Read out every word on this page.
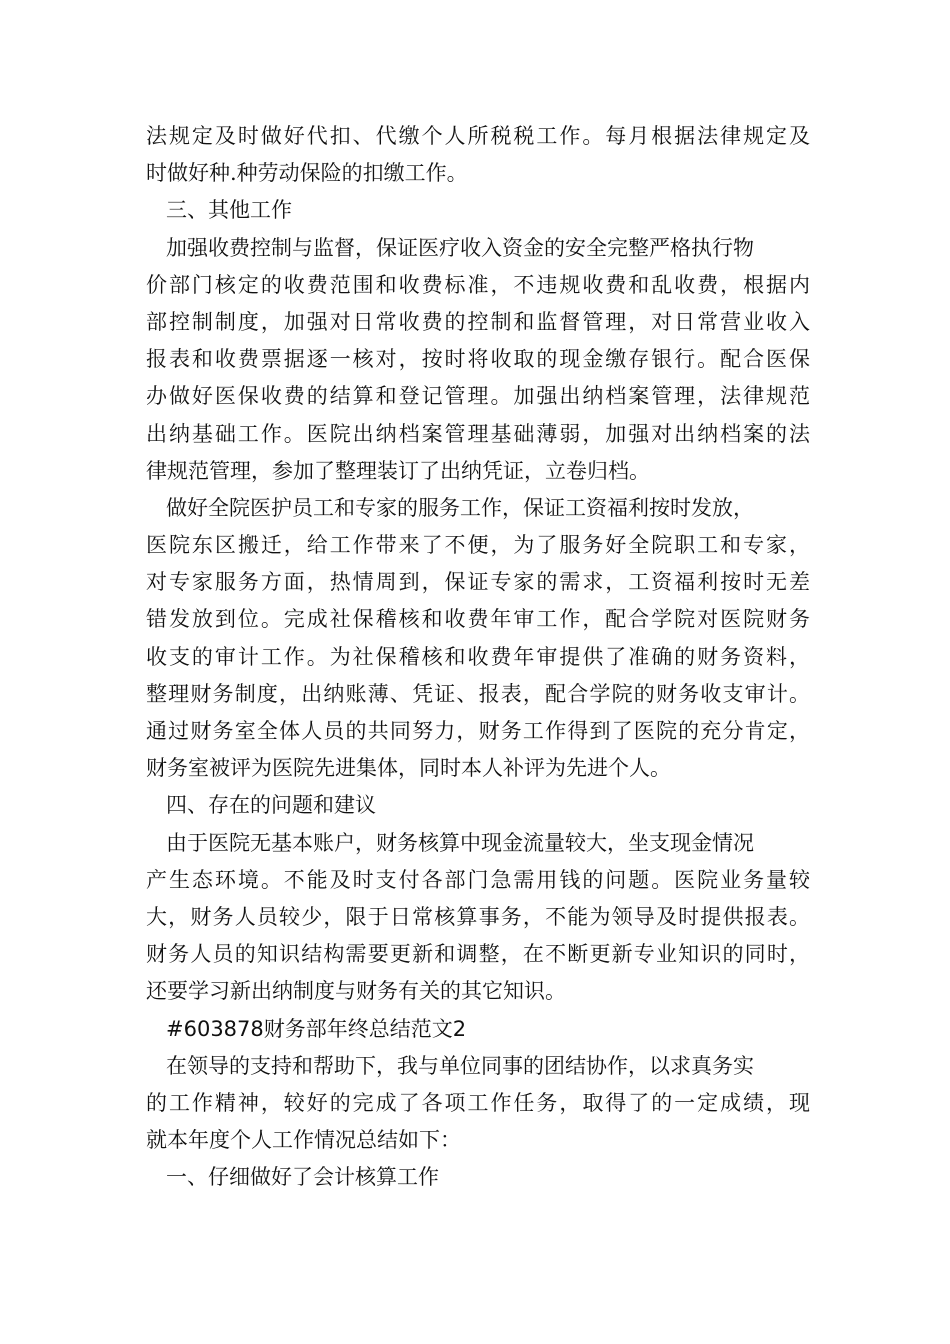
法规定及时做好代扣、代缴个人所税税工作。每月根据法律规定及
时做好种.种劳动保险的扣缴工作。
三、其他工作
加强收费控制与监督，保证医疗收入资金的安全完整严格执行物
价部门核定的收费范围和收费标准，不违规收费和乱收费，根据内
部控制制度，加强对日常收费的控制和监督管理，对日常营业收入
报表和收费票据逐一核对，按时将收取的现金缴存银行。配合医保
办做好医保收费的结算和登记管理。加强出纳档案管理，法律规范
出纳基础工作。医院出纳档案管理基础薄弱，加强对出纳档案的法
律规范管理，参加了整理装订了出纳凭证，立卷归档。
做好全院医护员工和专家的服务工作，保证工资福利按时发放，
医院东区搬迁，给工作带来了不便，为了服务好全院职工和专家，
对专家服务方面，热情周到，保证专家的需求，工资福利按时无差
错发放到位。完成社保稽核和收费年审工作，配合学院对医院财务
收支的审计工作。为社保稽核和收费年审提供了准确的财务资料，
整理财务制度，出纳账薄、凭证、报表，配合学院的财务收支审计。
通过财务室全体人员的共同努力，财务工作得到了医院的充分肯定，
财务室被评为医院先进集体，同时本人补评为先进个人。
四、存在的问题和建议
由于医院无基本账户，财务核算中现金流量较大，坐支现金情况
产生态环境。不能及时支付各部门急需用钱的问题。医院业务量较
大，财务人员较少，限于日常核算事务，不能为领导及时提供报表。
财务人员的知识结构需要更新和调整，在不断更新专业知识的同时，
还要学习新出纳制度与财务有关的其它知识。
#603878财务部年终总结范文2
在领导的支持和帮助下，我与单位同事的团结协作，以求真务实
的工作精神，较好的完成了各项工作任务，取得了的一定成绩，现
就本年度个人工作情况总结如下：
一、仔细做好了会计核算工作
